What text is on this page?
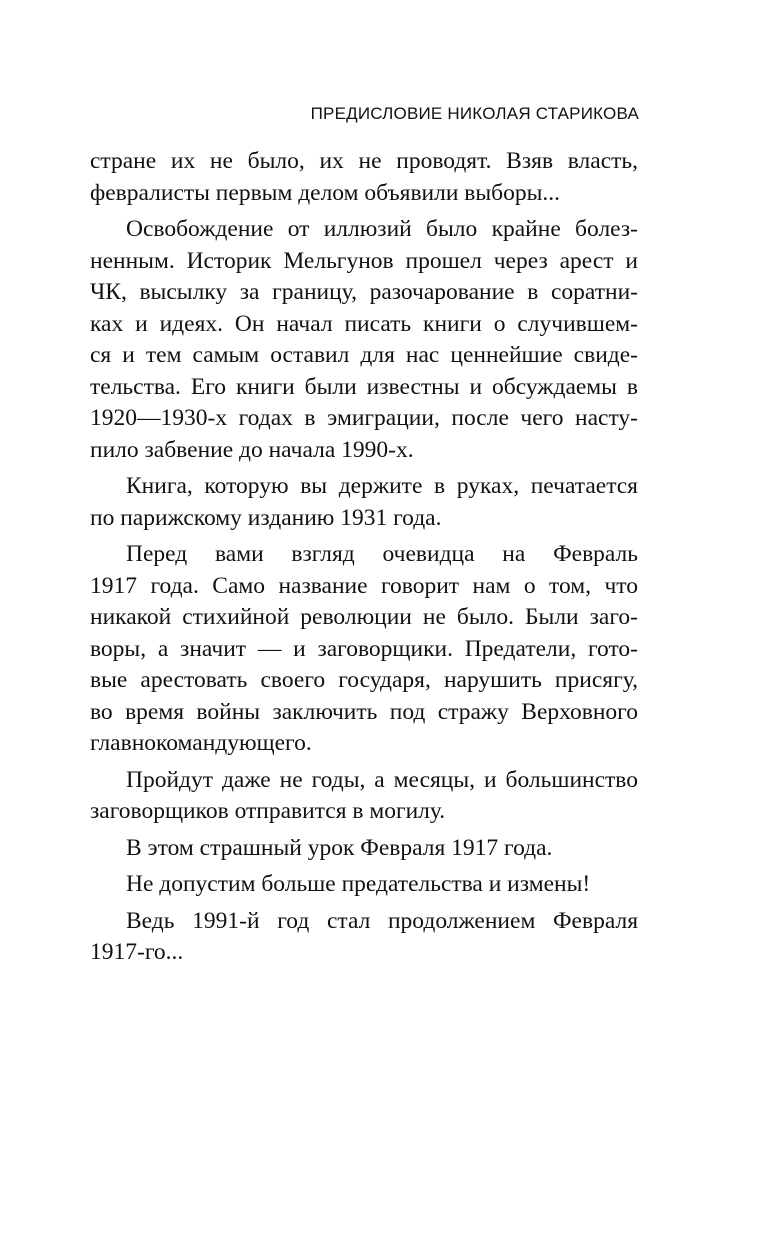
ПРЕДИСЛОВИЕ НИКОЛАЯ СТАРИКОВА
стране их не было, их не проводят. Взяв власть,
февралисты первым делом объявили выборы...
Освобождение от иллюзий было крайне болез-
ненным. Историк Мельгунов прошел через арест и
ЧК, высылку за границу, разочарование в соратни-
ках и идеях. Он начал писать книги о случившем-
ся и тем самым оставил для нас ценнейшие свиде-
тельства. Его книги были известны и обсуждаемы в
1920—1930-х годах в эмиграции, после чего насту-
пило забвение до начала 1990-х.
Книга, которую вы держите в руках, печатается
по парижскому изданию 1931 года.
Перед вами взгляд очевидца на Февраль
1917 года. Само название говорит нам о том, что
никакой стихийной революции не было. Были заго-
воры, а значит — и заговорщики. Предатели, гото-
вые арестовать своего государя, нарушить присягу,
во время войны заключить под стражу Верховного
главнокомандующего.
Пройдут даже не годы, а месяцы, и большинство
заговорщиков отправится в могилу.
В этом страшный урок Февраля 1917 года.
Не допустим больше предательства и измены!
Ведь 1991-й год стал продолжением Февраля
1917-го...
